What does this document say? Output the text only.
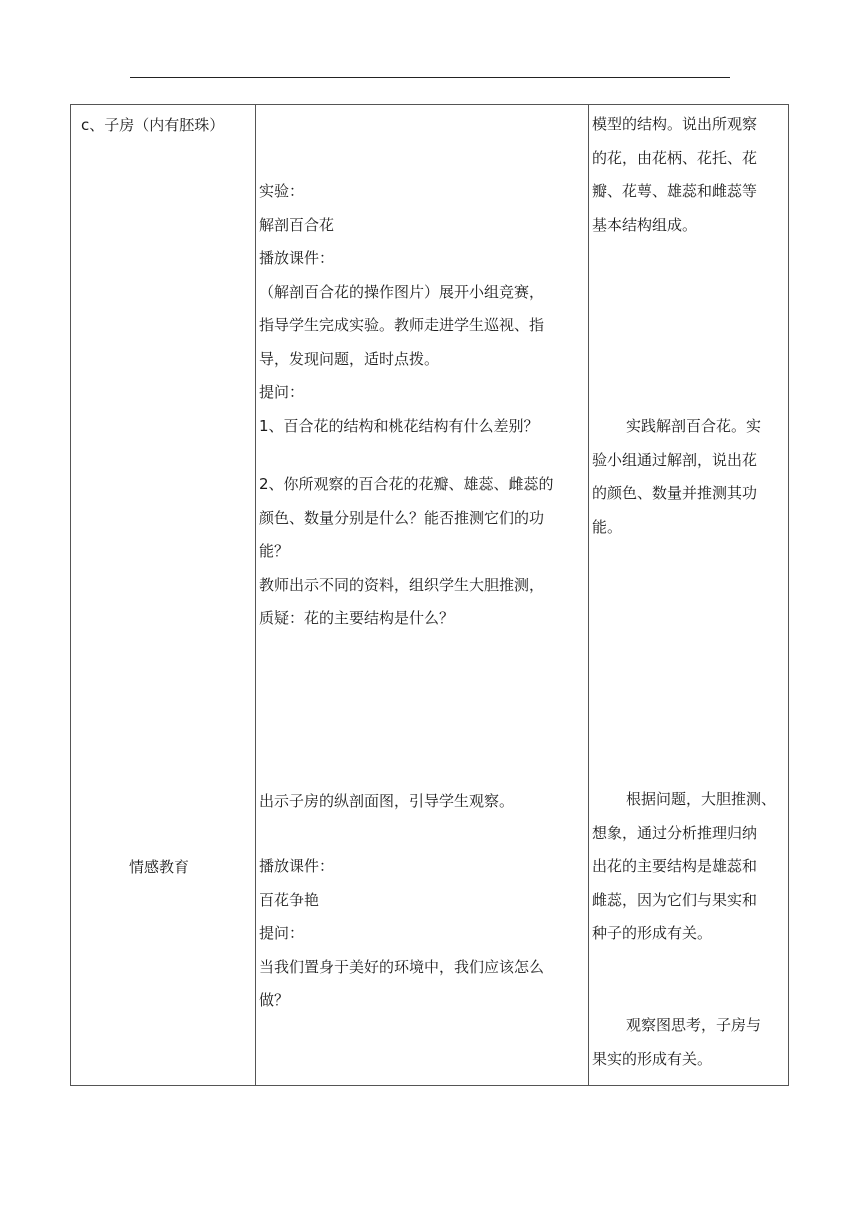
c、子房（内有胚珠）
情感教育
实验：
解剖百合花
播放课件：
（解剖百合花的操作图片）展开小组竞赛，
指导学生完成实验。教师走进学生巡视、指
导，发现问题，适时点拨。
提问：
1、百合花的结构和桃花结构有什么差别？
2、你所观察的百合花的花瓣、雄蕊、雌蕊的
颜色、数量分别是什么？能否推测它们的功
能？
教师出示不同的资料，组织学生大胆推测，
质疑：花的主要结构是什么？
出示子房的纵剖面图，引导学生观察。
播放课件：
百花争艳
提问：
当我们置身于美好的环境中，我们应该怎么
做？
模型的结构。说出所观察
的花，由花柄、花托、花
瓣、花萼、雄蕊和雌蕊等
基本结构组成。
实践解剖百合花。实
验小组通过解剖，说出花
的颜色、数量并推测其功
能。
根据问题，大胆推测、
想象，通过分析推理归纳
出花的主要结构是雄蕊和
雌蕊，因为它们与果实和
种子的形成有关。
观察图思考，子房与
果实的形成有关。
